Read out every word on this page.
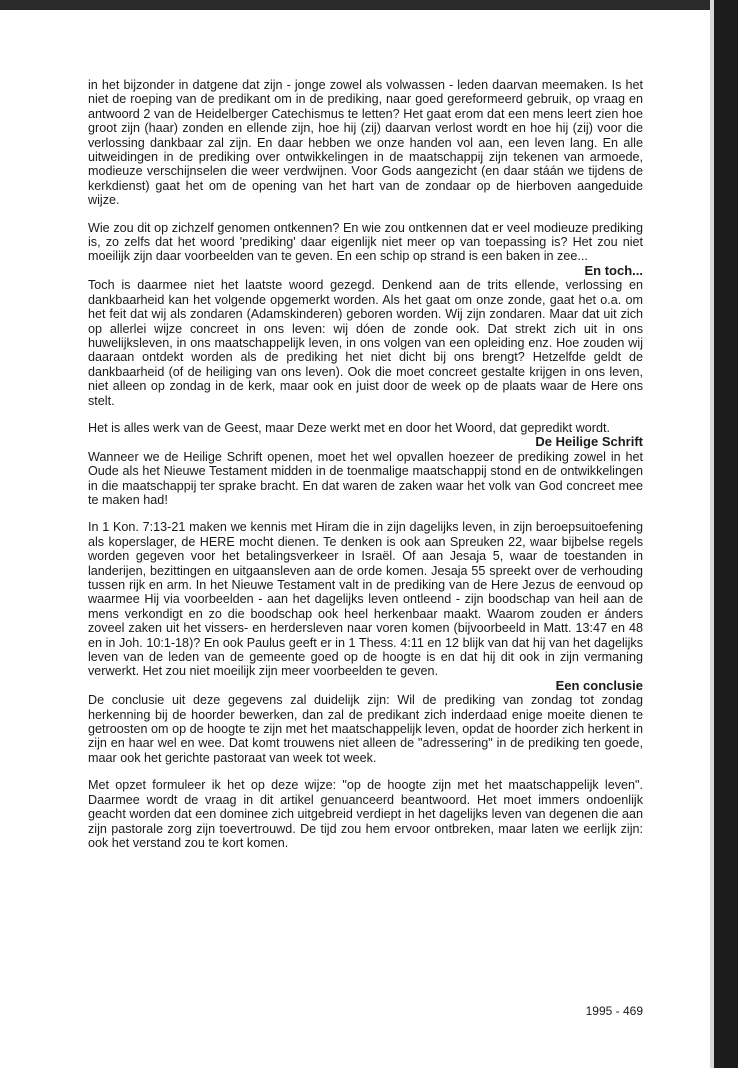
in het bijzonder in datgene dat zijn - jonge zowel als volwassen - leden daarvan meemaken. Is het niet de roeping van de predikant om in de prediking, naar goed gereformeerd gebruik, op vraag en antwoord 2 van de Heidelberger Catechismus te letten? Het gaat erom dat een mens leert zien hoe groot zijn (haar) zonden en ellende zijn, hoe hij (zij) daarvan verlost wordt en hoe hij (zij) voor die verlossing dankbaar zal zijn. En daar hebben we onze handen vol aan, een leven lang. En alle uitweidingen in de prediking over ontwikkelingen in de maatschappij zijn tekenen van armoede, modieuze verschijnselen die weer verdwijnen. Voor Gods aangezicht (en daar stáán we tijdens de kerkdienst) gaat het om de opening van het hart van de zondaar op de hierboven aangeduide wijze.

Wie zou dit op zichzelf genomen ontkennen? En wie zou ontkennen dat er veel modieuze prediking is, zo zelfs dat het woord 'prediking' daar eigenlijk niet meer op van toepassing is? Het zou niet moeilijk zijn daar voorbeelden van te geven. En een schip op strand is een baken in zee...

En toch...

Toch is daarmee niet het laatste woord gezegd. Denkend aan de trits ellende, verlossing en dankbaarheid kan het volgende opgemerkt worden. Als het gaat om onze zonde, gaat het o.a. om het feit dat wij als zondaren (Adamskinderen) geboren worden. Wij zijn zondaren. Maar dat uit zich op allerlei wijze concreet in ons leven: wij dóen de zonde ook. Dat strekt zich uit in ons huwelijksleven, in ons maatschappelijk leven, in ons volgen van een opleiding enz. Hoe zouden wij daaraan ontdekt worden als de prediking het niet dicht bij ons brengt? Hetzelfde geldt de dankbaarheid (of de heiliging van ons leven). Ook die moet concreet gestalte krijgen in ons leven, niet alleen op zondag in de kerk, maar ook en juist door de week op de plaats waar de Here ons stelt.

Het is alles werk van de Geest, maar Deze werkt met en door het Woord, dat gepredikt wordt.

De Heilige Schrift

Wanneer we de Heilige Schrift openen, moet het wel opvallen hoezeer de prediking zowel in het Oude als het Nieuwe Testament midden in de toenmalige maatschappij stond en de ontwikkelingen in die maatschappij ter sprake bracht. En dat waren de zaken waar het volk van God concreet mee te maken had!

In 1 Kon. 7:13-21 maken we kennis met Hiram die in zijn dagelijks leven, in zijn beroepsuitoefening als koperslager, de HERE mocht dienen. Te denken is ook aan Spreuken 22, waar bijbelse regels worden gegeven voor het betalingsverkeer in Israël. Of aan Jesaja 5, waar de toestanden in landerijen, bezittingen en uitgaansleven aan de orde komen. Jesaja 55 spreekt over de verhouding tussen rijk en arm. In het Nieuwe Testament valt in de prediking van de Here Jezus de eenvoud op waarmee Hij via voorbeelden - aan het dagelijks leven ontleend - zijn boodschap van heil aan de mens verkondigt en zo die boodschap ook heel herkenbaar maakt. Waarom zouden er ánders zoveel zaken uit het vissers- en herdersleven naar voren komen (bijvoorbeeld in Matt. 13:47 en 48 en in Joh. 10:1-18)? En ook Paulus geeft er in 1 Thess. 4:11 en 12 blijk van dat hij van het dagelijks leven van de leden van de gemeente goed op de hoogte is en dat hij dit ook in zijn vermaning verwerkt. Het zou niet moeilijk zijn meer voorbeelden te geven.

Een conclusie

De conclusie uit deze gegevens zal duidelijk zijn: Wil de prediking van zondag tot zondag herkenning bij de hoorder bewerken, dan zal de predikant zich inderdaad enige moeite dienen te getroosten om op de hoogte te zijn met het maatschappelijk leven, opdat de hoorder zich herkent in zijn en haar wel en wee. Dat komt trouwens niet alleen de "adressering" in de prediking ten goede, maar ook het gerichte pastoraat van week tot week.

Met opzet formuleer ik het op deze wijze: "op de hoogte zijn met het maatschappelijk leven". Daarmee wordt de vraag in dit artikel genuanceerd beantwoord. Het moet immers ondoenlijk geacht worden dat een dominee zich uitgebreid verdiept in het dagelijks leven van degenen die aan zijn pastorale zorg zijn toevertrouwd. De tijd zou hem ervoor ontbreken, maar laten we eerlijk zijn: ook het verstand zou te kort komen.

1995 - 469
